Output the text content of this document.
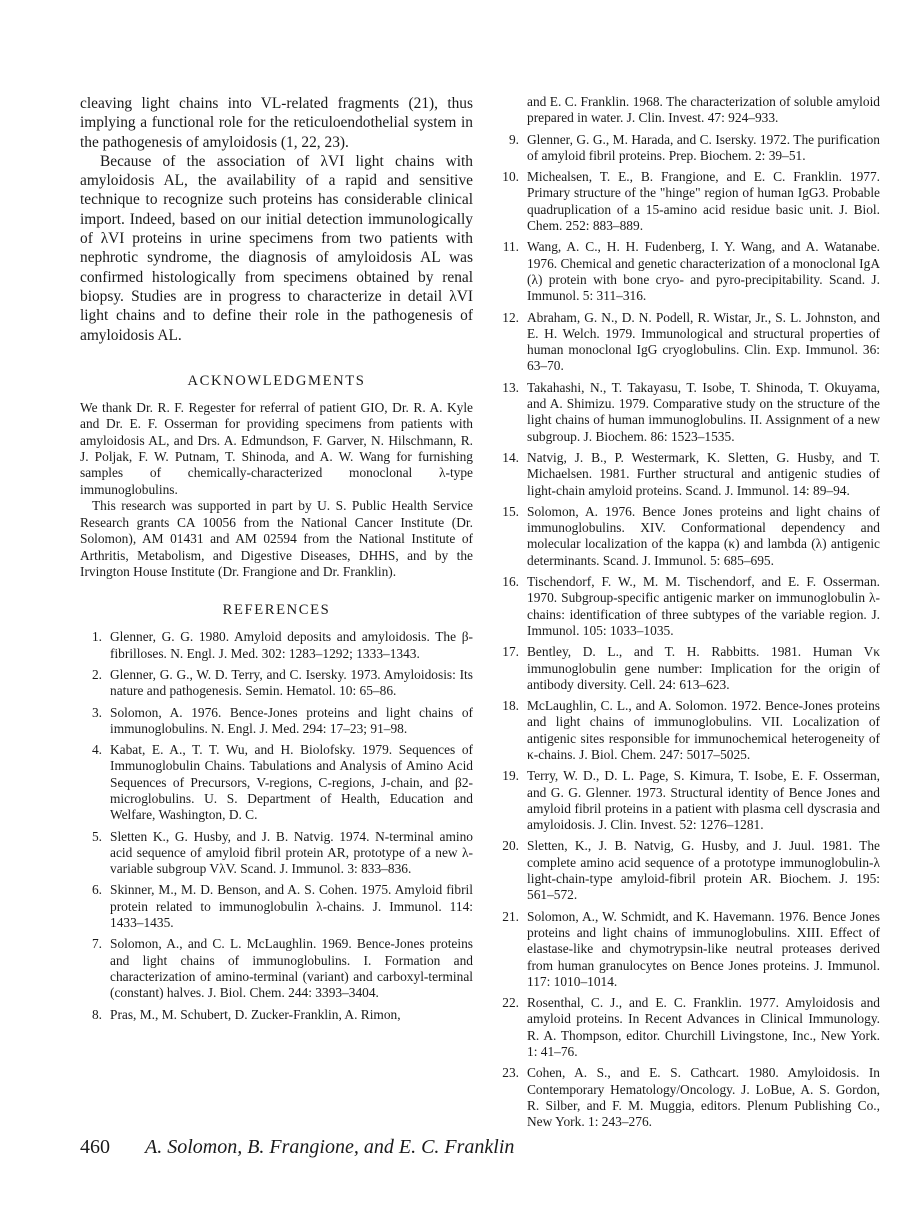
cleaving light chains into VL-related fragments (21), thus implying a functional role for the reticuloendothelial system in the pathogenesis of amyloidosis (1, 22, 23).

Because of the association of λVI light chains with amyloidosis AL, the availability of a rapid and sensitive technique to recognize such proteins has considerable clinical import. Indeed, based on our initial detection immunologically of λVI proteins in urine specimens from two patients with nephrotic syndrome, the diagnosis of amyloidosis AL was confirmed histologically from specimens obtained by renal biopsy. Studies are in progress to characterize in detail λVI light chains and to define their role in the pathogenesis of amyloidosis AL.

ACKNOWLEDGMENTS

We thank Dr. R. F. Regester for referral of patient GIO, Dr. R. A. Kyle and Dr. E. F. Osserman for providing specimens from patients with amyloidosis AL, and Drs. A. Edmundson, F. Garver, N. Hilschmann, R. J. Poljak, F. W. Putnam, T. Shinoda, and A. W. Wang for furnishing samples of chemically-characterized monoclonal λ-type immunoglobulins.

This research was supported in part by U. S. Public Health Service Research grants CA 10056 from the National Cancer Institute (Dr. Solomon), AM 01431 and AM 02594 from the National Institute of Arthritis, Metabolism, and Digestive Diseases, DHHS, and by the Irvington House Institute (Dr. Frangione and Dr. Franklin).

REFERENCES
1. Glenner, G. G. 1980. Amyloid deposits and amyloidosis. The β-fibrilloses. N. Engl. J. Med. 302: 1283–1292; 1333–1343.
2. Glenner, G. G., W. D. Terry, and C. Isersky. 1973. Amyloidosis: Its nature and pathogenesis. Semin. Hematol. 10: 65–86.
3. Solomon, A. 1976. Bence-Jones proteins and light chains of immunoglobulins. N. Engl. J. Med. 294: 17–23; 91–98.
4. Kabat, E. A., T. T. Wu, and H. Biolofsky. 1979. Sequences of Immunoglobulin Chains. Tabulations and Analysis of Amino Acid Sequences of Precursors, V-regions, C-regions, J-chain, and β2-microglobulins. U. S. Department of Health, Education and Welfare, Washington, D. C.
5. Sletten K., G. Husby, and J. B. Natvig. 1974. N-terminal amino acid sequence of amyloid fibril protein AR, prototype of a new λ-variable subgroup VλV. Scand. J. Immunol. 3: 833–836.
6. Skinner, M., M. D. Benson, and A. S. Cohen. 1975. Amyloid fibril protein related to immunoglobulin λ-chains. J. Immunol. 114: 1433–1435.
7. Solomon, A., and C. L. McLaughlin. 1969. Bence-Jones proteins and light chains of immunoglobulins. I. Formation and characterization of amino-terminal (variant) and carboxyl-terminal (constant) halves. J. Biol. Chem. 244: 3393–3404.
8. Pras, M., M. Schubert, D. Zucker-Franklin, A. Rimon,
and E. C. Franklin. 1968. The characterization of soluble amyloid prepared in water. J. Clin. Invest. 47: 924–933.
9. Glenner, G. G., M. Harada, and C. Isersky. 1972. The purification of amyloid fibril proteins. Prep. Biochem. 2: 39–51.
10. Michealsen, T. E., B. Frangione, and E. C. Franklin. 1977. Primary structure of the "hinge" region of human IgG3. Probable quadruplication of a 15-amino acid residue basic unit. J. Biol. Chem. 252: 883–889.
11. Wang, A. C., H. H. Fudenberg, I. Y. Wang, and A. Watanabe. 1976. Chemical and genetic characterization of a monoclonal IgA (λ) protein with bone cryo- and pyro-precipitability. Scand. J. Immunol. 5: 311–316.
12. Abraham, G. N., D. N. Podell, R. Wistar, Jr., S. L. Johnston, and E. H. Welch. 1979. Immunological and structural properties of human monoclonal IgG cryoglobulins. Clin. Exp. Immunol. 36: 63–70.
13. Takahashi, N., T. Takayasu, T. Isobe, T. Shinoda, T. Okuyama, and A. Shimizu. 1979. Comparative study on the structure of the light chains of human immunoglobulins. II. Assignment of a new subgroup. J. Biochem. 86: 1523–1535.
14. Natvig, J. B., P. Westermark, K. Sletten, G. Husby, and T. Michaelsen. 1981. Further structural and antigenic studies of light-chain amyloid proteins. Scand. J. Immunol. 14: 89–94.
15. Solomon, A. 1976. Bence Jones proteins and light chains of immunoglobulins. XIV. Conformational dependency and molecular localization of the kappa (κ) and lambda (λ) antigenic determinants. Scand. J. Immunol. 5: 685–695.
16. Tischendorf, F. W., M. M. Tischendorf, and E. F. Osserman. 1970. Subgroup-specific antigenic marker on immunoglobulin λ-chains: identification of three subtypes of the variable region. J. Immunol. 105: 1033–1035.
17. Bentley, D. L., and T. H. Rabbitts. 1981. Human Vκ immunoglobulin gene number: Implication for the origin of antibody diversity. Cell. 24: 613–623.
18. McLaughlin, C. L., and A. Solomon. 1972. Bence-Jones proteins and light chains of immunoglobulins. VII. Localization of antigenic sites responsible for immunochemical heterogeneity of κ-chains. J. Biol. Chem. 247: 5017–5025.
19. Terry, W. D., D. L. Page, S. Kimura, T. Isobe, E. F. Osserman, and G. G. Glenner. 1973. Structural identity of Bence Jones and amyloid fibril proteins in a patient with plasma cell dyscrasia and amyloidosis. J. Clin. Invest. 52: 1276–1281.
20. Sletten, K., J. B. Natvig, G. Husby, and J. Juul. 1981. The complete amino acid sequence of a prototype immunoglobulin-λ light-chain-type amyloid-fibril protein AR. Biochem. J. 195: 561–572.
21. Solomon, A., W. Schmidt, and K. Havemann. 1976. Bence Jones proteins and light chains of immunoglobulins. XIII. Effect of elastase-like and chymotrypsin-like neutral proteases derived from human granulocytes on Bence Jones proteins. J. Immunol. 117: 1010–1014.
22. Rosenthal, C. J., and E. C. Franklin. 1977. Amyloidosis and amyloid proteins. In Recent Advances in Clinical Immunology. R. A. Thompson, editor. Churchill Livingstone, Inc., New York. 1: 41–76.
23. Cohen, A. S., and E. S. Cathcart. 1980. Amyloidosis. In Contemporary Hematology/Oncology. J. LoBue, A. S. Gordon, R. Silber, and F. M. Muggia, editors. Plenum Publishing Co., New York. 1: 243–276.
460 A. Solomon, B. Frangione, and E. C. Franklin
